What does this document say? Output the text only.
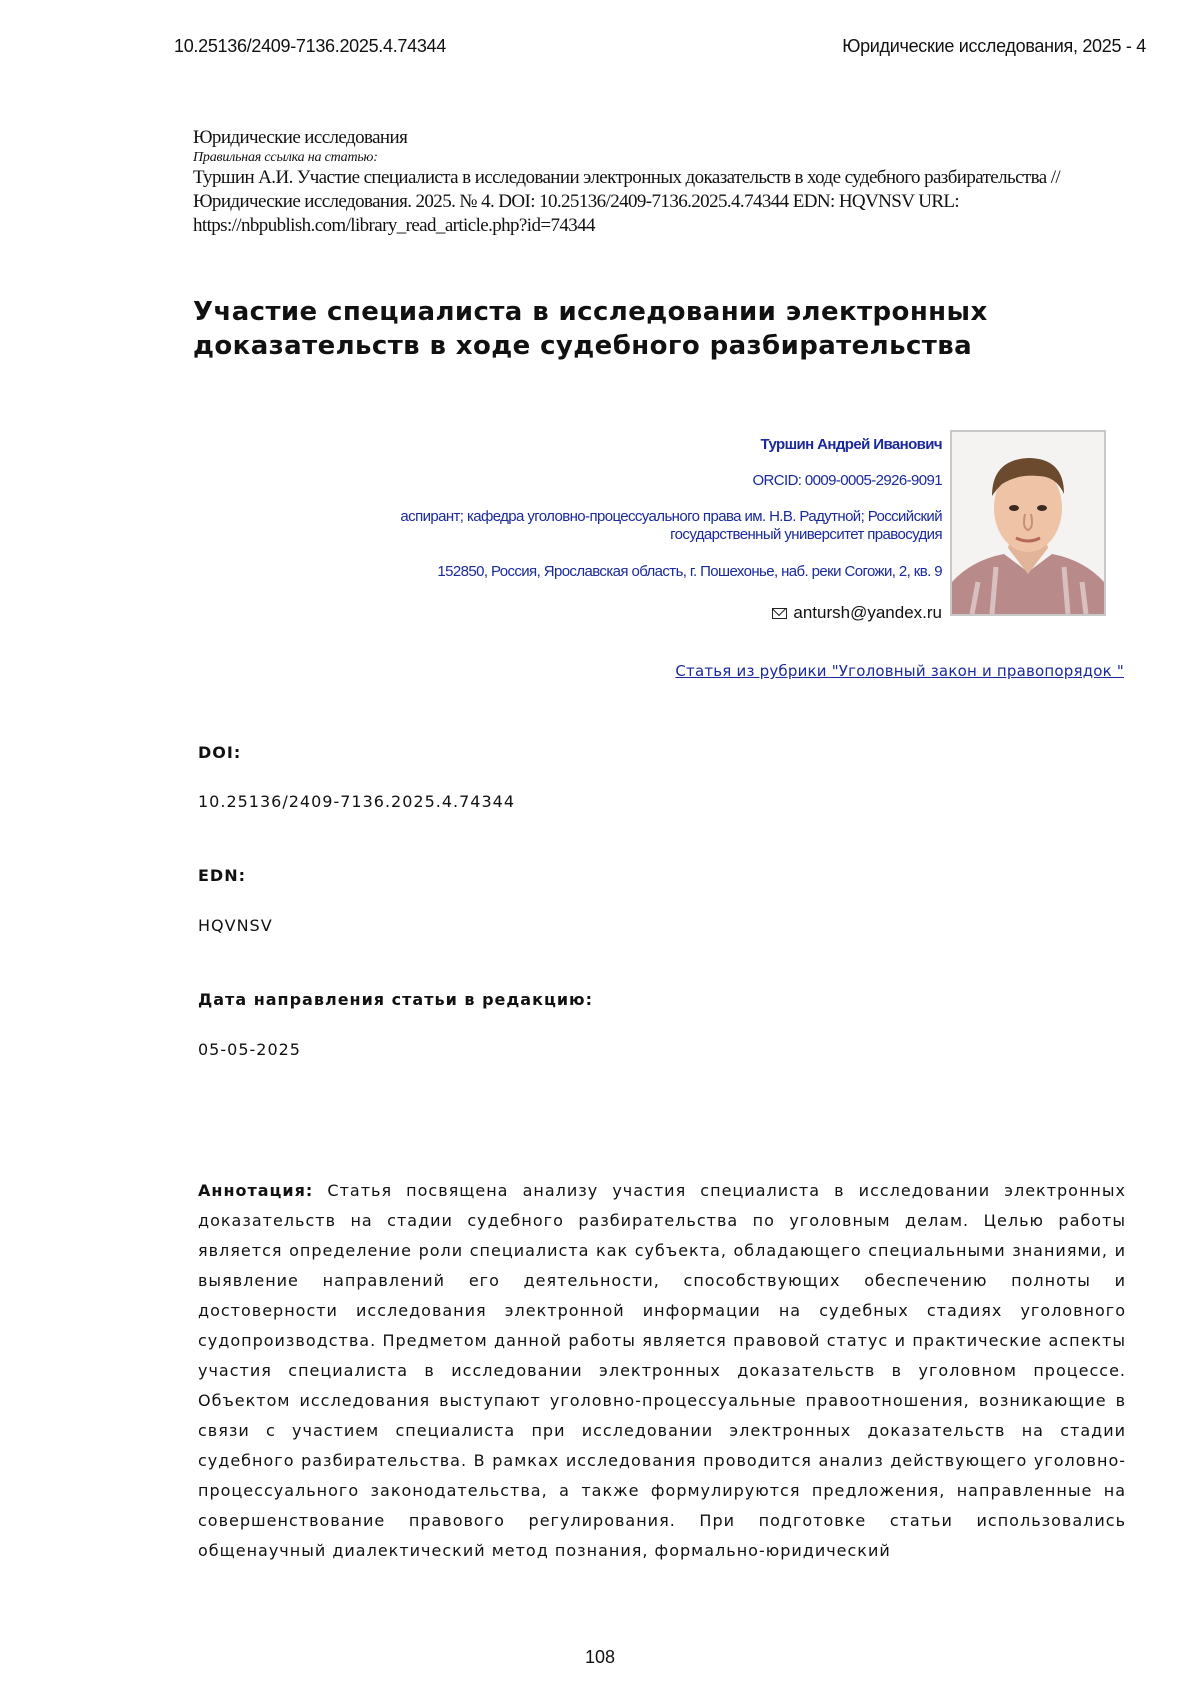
10.25136/2409-7136.2025.4.74344	Юридические исследования, 2025 - 4
Юридические исследования
Правильная ссылка на статью:
Туршин А.И. Участие специалиста в исследовании электронных доказательств в ходе судебного разбирательства // Юридические исследования. 2025. № 4. DOI: 10.25136/2409-7136.2025.4.74344 EDN: HQVNSV URL: https://nbpublish.com/library_read_article.php?id=74344
Участие специалиста в исследовании электронных доказательств в ходе судебного разбирательства
Туршин Андрей Иванович
ORCID: 0009-0005-2926-9091
аспирант; кафедра уголовно-процессуального права им. Н.В. Радутной; Российский государственный университет правосудия
152850, Россия, Ярославская область, г. Пошехонье, наб. реки Согожи, 2, кв. 9
antursh@yandex.ru
Статья из рубрики "Уголовный закон и правопорядок "
DOI:
10.25136/2409-7136.2025.4.74344
EDN:
HQVNSV
Дата направления статьи в редакцию:
05-05-2025
Аннотация: Статья посвящена анализу участия специалиста в исследовании электронных доказательств на стадии судебного разбирательства по уголовным делам. Целью работы является определение роли специалиста как субъекта, обладающего специальными знаниями, и выявление направлений его деятельности, способствующих обеспечению полноты и достоверности исследования электронной информации на судебных стадиях уголовного судопроизводства. Предметом данной работы является правовой статус и практические аспекты участия специалиста в исследовании электронных доказательств в уголовном процессе. Объектом исследования выступают уголовно-процессуальные правоотношения, возникающие в связи с участием специалиста при исследовании электронных доказательств на стадии судебного разбирательства. В рамках исследования проводится анализ действующего уголовно-процессуального законодательства, а также формулируются предложения, направленные на совершенствование правового регулирования. При подготовке статьи использовались общенаучный диалектический метод познания, формально-юридический
108
